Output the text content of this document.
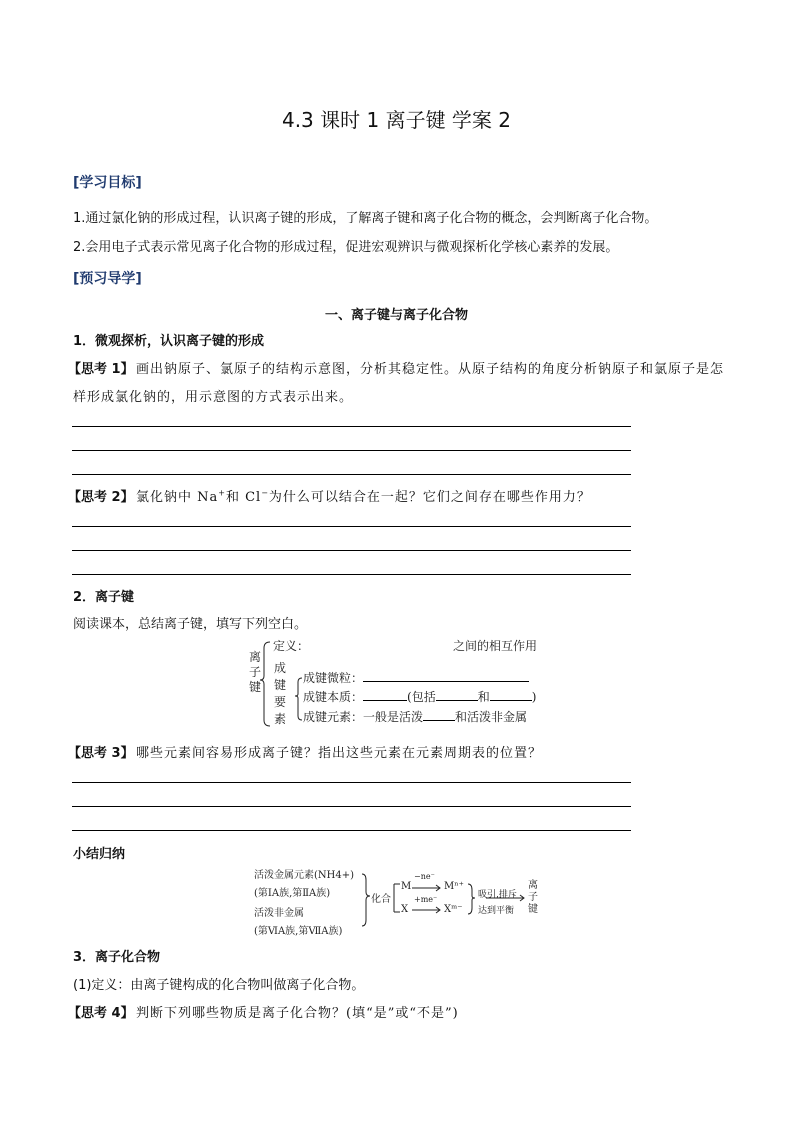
4.3 课时 1 离子键 学案 2
[学习目标]
1.通过氯化钠的形成过程，认识离子键的形成，了解离子键和离子化合物的概念，会判断离子化合物。
2.会用电子式表示常见离子化合物的形成过程，促进宏观辨识与微观探析化学核心素养的发展。
[预习导学]
一、离子键与离子化合物
1．微观探析，认识离子键的形成
【思考 1】 画出钠原子、氯原子的结构示意图，分析其稳定性。从原子结构的角度分析钠原子和氯原子是怎
样形成氯化钠的，用示意图的方式表示出来。
【思考 2】 氯化钠中 Na+和 Cl−为什么可以结合在一起？它们之间存在哪些作用力？
2．离子键
阅读课本，总结离子键，填写下列空白。
离
子
键
成
键
要
素
定义：	之间的相互作用
成键微粒：
成键本质：	(包括	和	)
成键元素：一般是活泼	和活泼非金属
【思考 3】 哪些元素间容易形成离子键？指出这些元素在元素周期表的位置？
小结归纳
活泼金属元素(NH4+)
(第ⅠA族,第ⅡA族)
活泼非金属
(第ⅥA族,第ⅦA族)
化合
M
−ne⁻
Mⁿ⁺
X
+me⁻
Xᵐ⁻
吸引,排斥
达到平衡
离
子
键
3．离子化合物
(1)定义：由离子键构成的化合物叫做离子化合物。
【思考 4】 判断下列哪些物质是离子化合物？(填“是”或“不是”)
